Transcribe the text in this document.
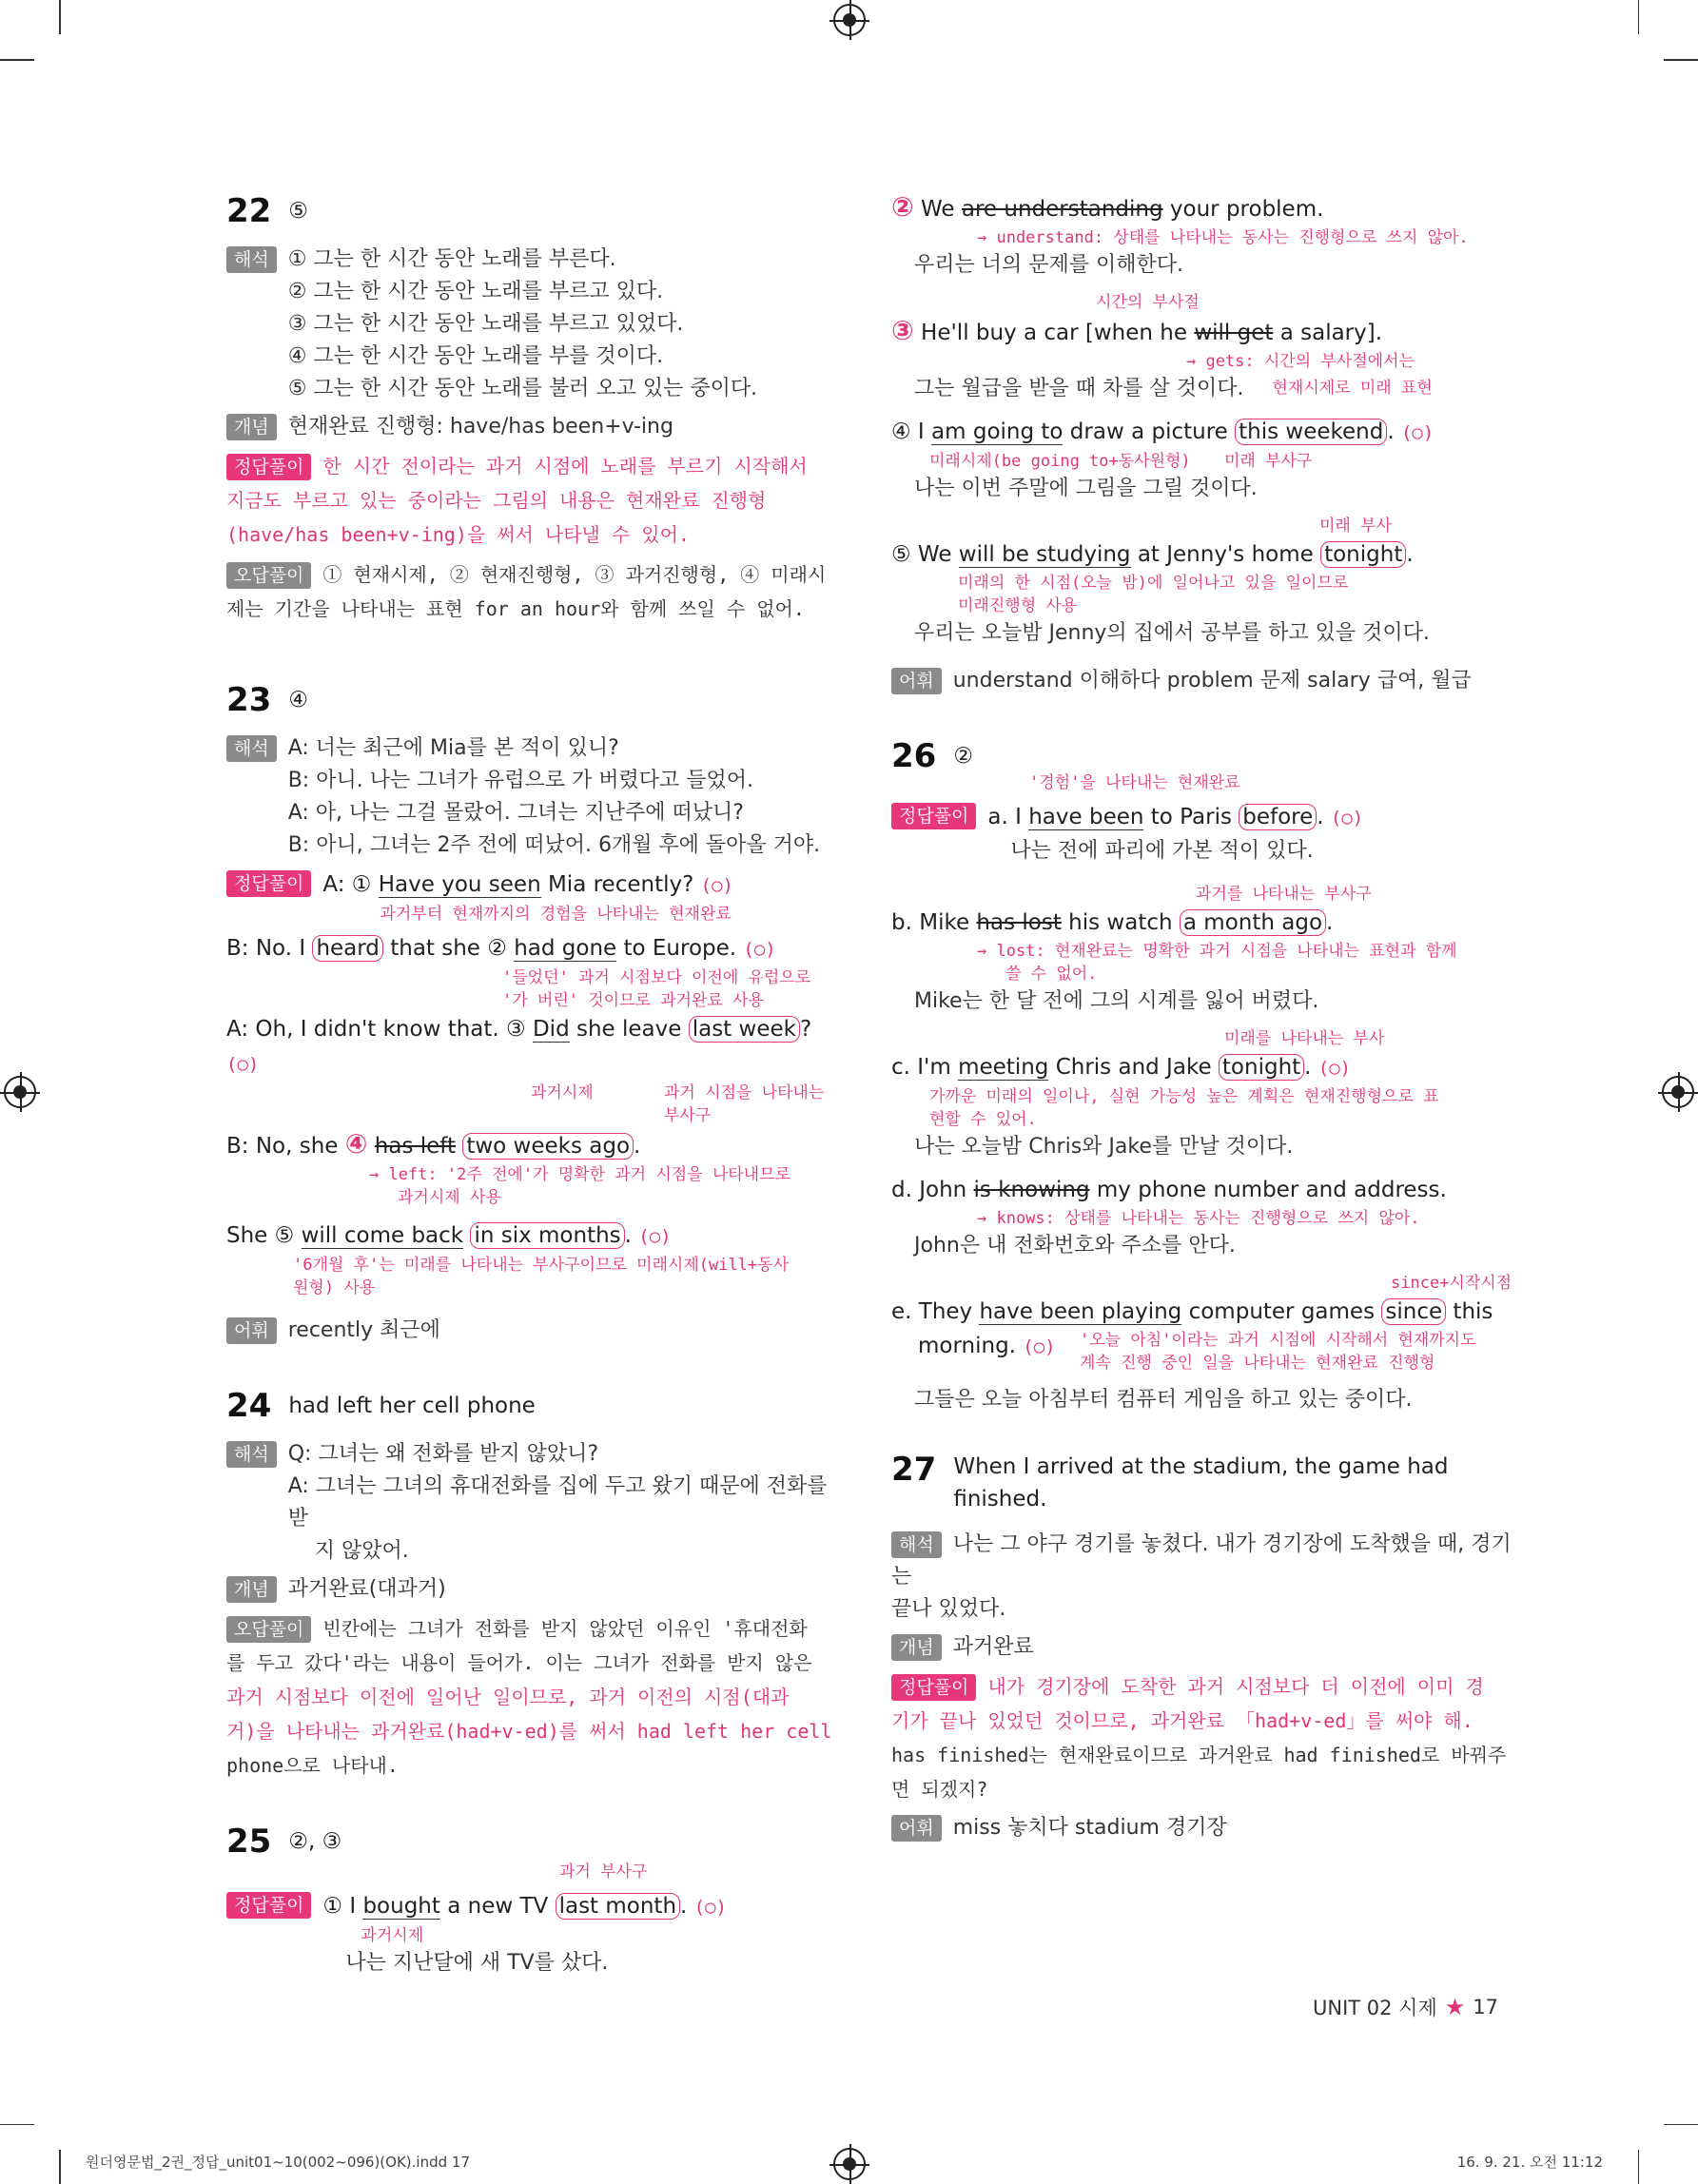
22 ⑤
해석 ① 그는 한 시간 동안 노래를 부른다.
② 그는 한 시간 동안 노래를 부르고 있다.
③ 그는 한 시간 동안 노래를 부르고 있었다.
④ 그는 한 시간 동안 노래를 부를 것이다.
⑤ 그는 한 시간 동안 노래를 불러 오고 있는 중이다.
개념 현재완료 진행형: have/has been+v-ing
정답풀이 한 시간 전이라는 과거 시점에 노래를 부르기 시작해서
지금도 부르고 있는 중이라는 그림의 내용은 현재완료 진행형
(have/has been+v-ing)을 써서 나타낼 수 있어.
오답풀이 ① 현재시제, ② 현재진행형, ③ 과거진행형, ④ 미래시
제는 기간을 나타내는 표현 for an hour와 함께 쓰일 수 없어.
23 ④
해석 A: 너는 최근에 Mia를 본 적이 있니?
B: 아니. 나는 그녀가 유럽으로 가 버렸다고 들었어.
A: 아, 나는 그걸 몰랐어. 그녀는 지난주에 떠났니?
B: 아니, 그녀는 2주 전에 떠났어. 6개월 후에 돌아올 거야.
정답풀이 A: ① Have you seen Mia recently? (○)
과거부터 현재까지의 경험을 나타내는 현재완료
B: No. I heard that she ② had gone to Europe. (○)
'들었던' 과거 시점보다 이전에 유럽으로
'가 버린' 것이므로 과거완료 사용
A: Oh, I didn't know that. ③ Did she leave last week ? (○)
과거시제	과거 시점을 나타내는
부사구
B: No, she ④ has left two weeks ago .
→ left: '2주 전에'가 명확한 과거 시점을 나타내므로
과거시제 사용
She ⑤ will come back in six months . (○)
'6개월 후'는 미래를 나타내는 부사구이므로 미래시제(will+동사
원형) 사용
어휘 recently 최근에
24 had left her cell phone
해석 Q: 그녀는 왜 전화를 받지 않았니?
A: 그녀는 그녀의 휴대전화를 집에 두고 왔기 때문에 전화를 받
지 않았어.
개념 과거완료(대과거)
오답풀이 빈칸에는 그녀가 전화를 받지 않았던 이유인 '휴대전화
를 두고 갔다'라는 내용이 들어가. 이는 그녀가 전화를 받지 않은
과거 시점보다 이전에 일어난 일이므로, 과거 이전의 시점(대과
거)을 나타내는 과거완료(had+v-ed)를 써서 had left her cell
phone으로 나타내.
25 ②, ③
과거 부사구
정답풀이 ① I bought a new TV last month . (○)
과거시제
나는 지난달에 새 TV를 샀다.
② We are understanding your problem.
→ understand: 상태를 나타내는 동사는 진행형으로 쓰지 않아.
우리는 너의 문제를 이해한다.
시간의 부사절
③ He'll buy a car [when he will get a salary].
→ gets: 시간의 부사절에서는
그는 월급을 받을 때 차를 살 것이다.	현재시제로 미래 표현
④ I am going to draw a picture this weekend . (○)
미래시제(be going to+동사원형)	미래 부사구
나는 이번 주말에 그림을 그릴 것이다.
미래 부사
⑤ We will be studying at Jenny's home tonight .
미래의 한 시점(오늘 밤)에 일어나고 있을 일이므로
미래진행형 사용
우리는 오늘밤 Jenny의 집에서 공부를 하고 있을 것이다.
어휘 understand 이해하다 problem 문제 salary 급여, 월급
26 ②
'경험'을 나타내는 현재완료
정답풀이 a. I have been to Paris before . (○)
나는 전에 파리에 가본 적이 있다.
과거를 나타내는 부사구
b. Mike has lost his watch a month ago .
→ lost: 현재완료는 명확한 과거 시점을 나타내는 표현과 함께
쓸 수 없어.
Mike는 한 달 전에 그의 시계를 잃어 버렸다.
미래를 나타내는 부사
c. I'm meeting Chris and Jake tonight . (○)
가까운 미래의 일이나, 실현 가능성 높은 계획은 현재진행형으로 표
현할 수 있어.
나는 오늘밤 Chris와 Jake를 만날 것이다.
d. John is knowing my phone number and address.
→ knows: 상태를 나타내는 동사는 진행형으로 쓰지 않아.
John은 내 전화번호와 주소를 안다.
since+시작시점
e. They have been playing computer games since this
morning. (○)	'오늘 아침'이라는 과거 시점에 시작해서 현재까지도
계속 진행 중인 일을 나타내는 현재완료 진행형
그들은 오늘 아침부터 컴퓨터 게임을 하고 있는 중이다.
27 When I arrived at the stadium, the game had
finished.
해석 나는 그 야구 경기를 놓쳤다. 내가 경기장에 도착했을 때, 경기는
끝나 있었다.
개념 과거완료
정답풀이 내가 경기장에 도착한 과거 시점보다 더 이전에 이미 경
기가 끝나 있었던 것이므로, 과거완료 「had+v-ed」를 써야 해.
has finished는 현재완료이므로 과거완료 had finished로 바꿔주
면 되겠지?
어휘 miss 놓치다 stadium 경기장
UNIT 02 시제 ★ 17
원더영문법_2권_정답_unit01~10(002~096)(OK).indd 17	16. 9. 21. 오전 11:12
